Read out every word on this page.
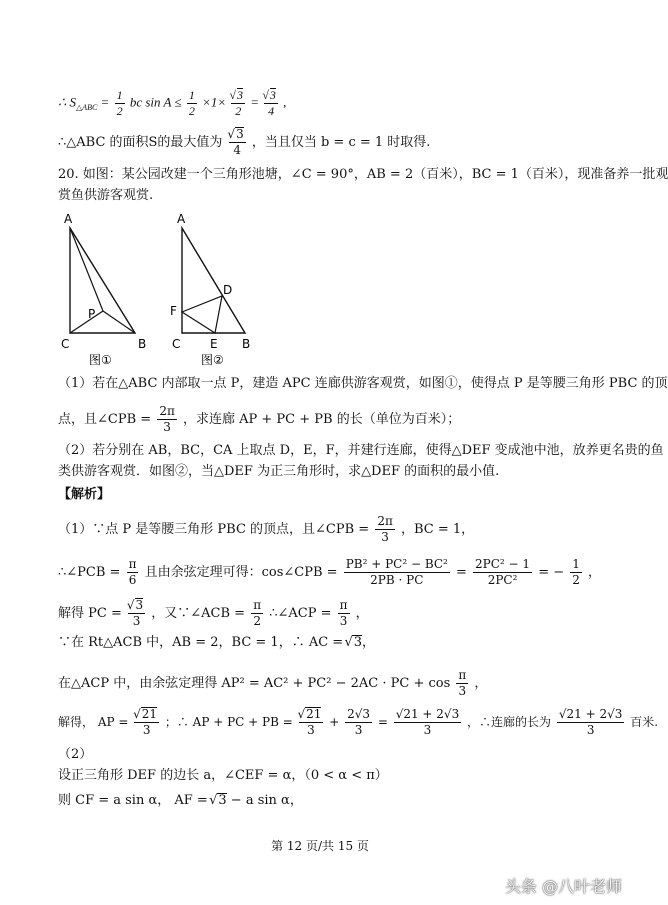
∴ $S_{\triangle ABC} = \frac{1}{2}$ bc $\sin A \le \frac{1}{2} \times 1\times$ √ $\frac{3}{2}$ = √ $\frac{3}{4}$ ,
∴△ABC 的面积S的最大值为 √ $\frac{3}{4}$ ，当且仅当 b = c = 1 时取得.
20. 如图：某公园改建一个三角形池塘，∠C = 90°，AB = 2（百米），BC = 1（百米），现准备养一批观
赏鱼供游客观赏.
A
P
C	B
图①
A
D
F
C E B
图②
（1）若在△ABC 内部取一点 P，建造 APC 连廊供游客观赏，如图①，使得点 P 是等腰三角形 PBC 的顶
点，且∠CPB = $\frac{2\pi}{3}$ ，求连廊 AP + PC + PB 的长（单位为百米）；
（2）若分别在 AB，BC，CA 上取点 D，E，F，并建行连廊，使得△DEF 变成池中池，放养更名贵的鱼
类供游客观赏．如图②，当△DEF 为正三角形时，求△DEF 的面积的最小值.
【解析】
（1）∵点 P 是等腰三角形 PBC 的顶点，且∠CPB = $\frac{2\pi}{3}$ ，BC = 1，
∴∠PCB = $\frac{\pi}{6}$ 且由余弦定理可得：cos∠CPB = $\frac{\text{PB² + PC² − BC²}}{2PB \cdot PC} = \frac{\text{2PC² − 1}}{\text{2PC²}}$ = − $\frac{1}{2}$ ，
解得 PC = √ $\frac{3}{3}$ ，又∵∠ACB = $\frac{\pi}{2}$ ∴∠ACP = $\frac{\pi}{3}$ ，
∵在 Rt△ACB 中，AB = 2，BC = 1，∴ AC =  √ 3，
在△ACP 中，由余弦定理得 AP² = AC² + PC² − 2AC · PC + $\cos \frac{\pi}{3}$ ，
解得， AP = √ $\frac{21}{3}$ ；∴ AP + PC + PB = √ $\frac{21}{3} + \frac{2√3}{3} = \frac{√21 + 2√3}{3}$ ，∴连廊的长为 $\frac{√21 + 2√3}{3}$ 百米.
（2）
设正三角形 DEF 的边长 a，∠CEF = α，（0 < α < π）
则 CF = a sin α， AF =  √ 3 − a sin α，
第 12 页/共 15 页
头条 @八叶老师
